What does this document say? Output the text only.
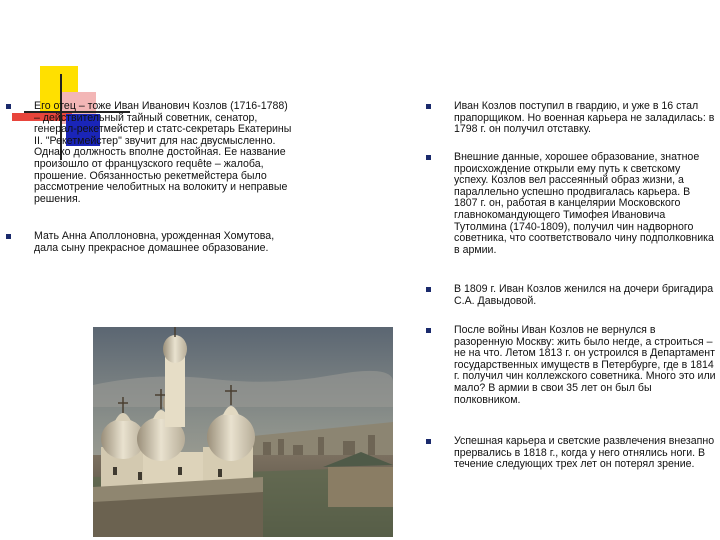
Его отец – тоже Иван Иванович Козлов (1716-1788) – действительный тайный советник, сенатор, генерал-рекетмейстер и статс-секретарь Екатерины II. "Рекетмейстер" звучит для нас двусмысленно. Однако должность вполне достойная. Ее название произошло от французского requête – жалоба, прошение. Обязанностью рекетмейстера было рассмотрение челобитных на волокиту и неправые решения.
Мать Анна Аполлоновна, урожденная Хомутова, дала сыну прекрасное домашнее образование.
Иван Козлов поступил в гвардию, и уже в 16 стал прапорщиком. Но военная карьера не заладилась: в 1798 г. он получил отставку.
Внешние данные, хорошее образование, знатное происхождение открыли ему путь к светскому успеху. Козлов вел рассеянный образ жизни, а параллельно успешно продвигалась карьера. В 1807 г. он, работая в канцелярии Московского главнокомандующего Тимофея Ивановича Тутолмина (1740-1809), получил чин надворного советника, что соответствовало чину подполковника в армии.
В 1809 г. Иван Козлов женился на дочери бригадира С.А. Давыдовой.
После войны Иван Козлов не вернулся в разоренную Москву: жить было негде, а строиться – не на что. Летом 1813 г. он устроился в Департамент государственных имуществ в Петербурге, где в 1814 г. получил чин коллежского советника. Много это или мало? В армии в свои 35 лет он был бы полковником.
Успешная карьера и светские развлечения внезапно прервались в 1818 г., когда у него отнялись ноги. В течение следующих трех лет он потерял зрение.
